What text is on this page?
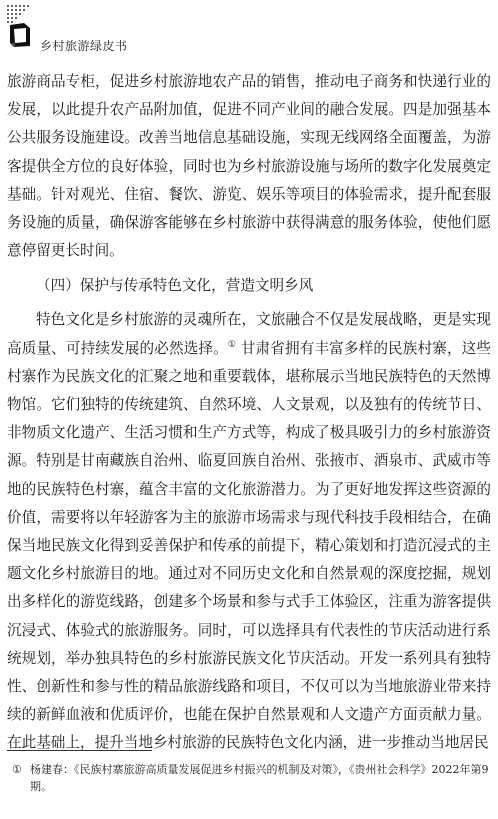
乡村旅游绿皮书

旅游商品专柜，促进乡村旅游地农产品的销售，推动电子商务和快递行业的发展，以此提升农产品附加值，促进不同产业间的融合发展。四是加强基本公共服务设施建设。改善当地信息基础设施，实现无线网络全面覆盖，为游客提供全方位的良好体验，同时也为乡村旅游设施与场所的数字化发展奠定基础。针对观光、住宿、餐饮、游览、娱乐等项目的体验需求，提升配套服务设施的质量，确保游客能够在乡村旅游中获得满意的服务体验，使他们愿意停留更长时间。

（四）保护与传承特色文化，营造文明乡风

特色文化是乡村旅游的灵魂所在，文旅融合不仅是发展战略，更是实现高质量、可持续发展的必然选择。① 甘肃省拥有丰富多样的民族村寨，这些村寨作为民族文化的汇聚之地和重要载体，堪称展示当地民族特色的天然博物馆。它们独特的传统建筑、自然环境、人文景观，以及独有的传统节日、非物质文化遗产、生活习惯和生产方式等，构成了极具吸引力的乡村旅游资源。特别是甘南藏族自治州、临夏回族自治州、张掖市、酒泉市、武威市等地的民族特色村寨，蕴含丰富的文化旅游潜力。为了更好地发挥这些资源的价值，需要将以年轻游客为主的旅游市场需求与现代科技手段相结合，在确保当地民族文化得到妥善保护和传承的前提下，精心策划和打造沉浸式的主题文化乡村旅游目的地。通过对不同历史文化和自然景观的深度挖掘，规划出多样化的游览线路，创建多个场景和参与式手工体验区，注重为游客提供沉浸式、体验式的旅游服务。同时，可以选择具有代表性的节庆活动进行系统规划，举办独具特色的乡村旅游民族文化节庆活动。开发一系列具有独特性、创新性和参与性的精品旅游线路和项目，不仅可以为当地旅游业带来持续的新鲜血液和优质评价，也能在保护自然景观和人文遗产方面贡献力量。在此基础上，提升当地乡村旅游的民族特色文化内涵，进一步推动当地居民

① 杨建春：《民族村寨旅游高质量发展促进乡村振兴的机制及对策》，《贵州社会科学》2022年第9期。
